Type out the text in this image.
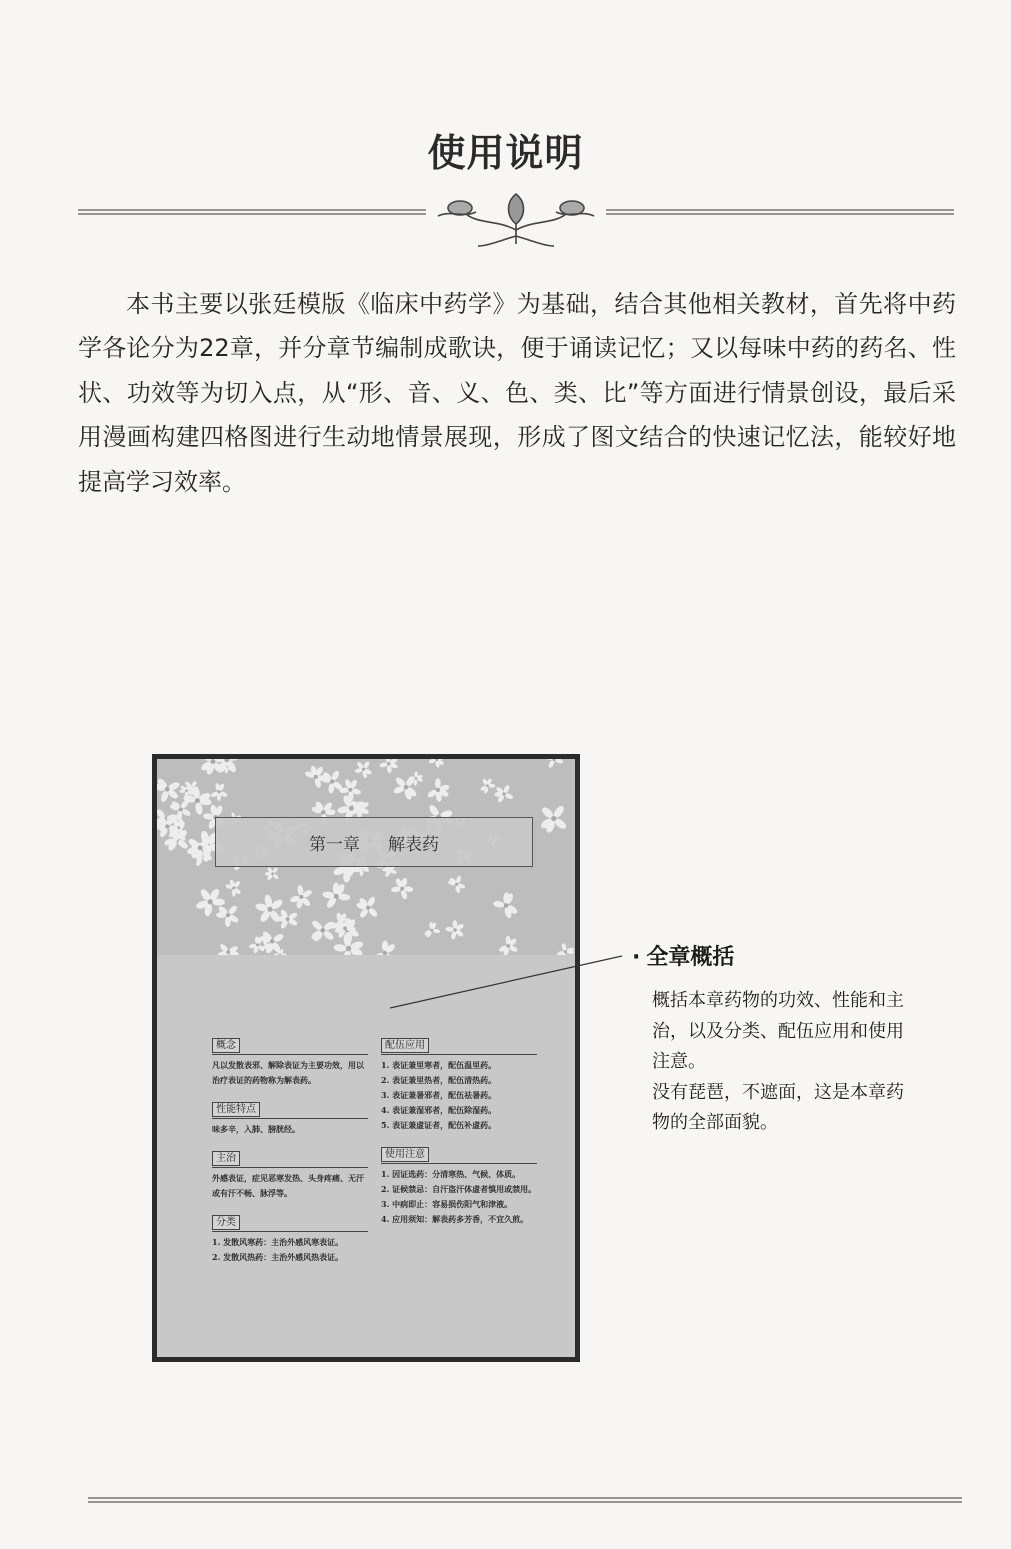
使用说明

本书主要以张廷模版《临床中药学》为基础，结合其他相关教材，首先将中药学各论分为22章，并分章节编制成歌诀，便于诵读记忆；又以每味中药的药名、性状、功效等为切入点，从“形、音、义、色、类、比”等方面进行情景创设，最后采用漫画构建四格图进行生动地情景展现，形成了图文结合的快速记忆法，能较好地提高学习效率。

第一章 解表药
概念
凡以发散表邪、解除表证为主要功效，用以治疗表证的药物称为解表药。
性能特点
味多辛，入肺、膀胱经。
主治
外感表证，症见恶寒发热、头身疼痛、无汗或有汗不畅、脉浮等。
分类
1. 发散风寒药：主治外感风寒表证。
2. 发散风热药：主治外感风热表证。
配伍应用
1. 表证兼里寒者，配伍温里药。
2. 表证兼里热者，配伍清热药。
3. 表证兼暑邪者，配伍祛暑药。
4. 表证兼湿邪者，配伍除湿药。
5. 表证兼虚证者，配伍补虚药。
使用注意
1. 因证选药：分清寒热、气候、体质。
2. 证候禁忌：自汗盗汗体虚者慎用或禁用。
3. 中病即止：容易损伤阳气和津液。
4. 应用须知：解表药多芳香，不宜久煎。
· 全章概括

概括本章药物的功效、性能和主治，以及分类、配伍应用和使用注意。

没有琵琶，不遮面，这是本章药物的全部面貌。
